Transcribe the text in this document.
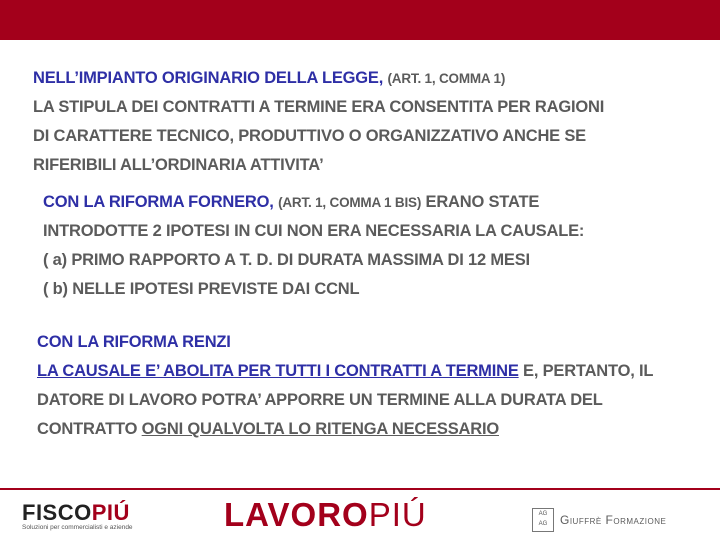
NELL’IMPIANTO ORIGINARIO DELLA LEGGE, (ART. 1, COMMA 1)
LA STIPULA DEI CONTRATTI A TERMINE ERA CONSENTITA PER RAGIONI
DI CARATTERE TECNICO, PRODUTTIVO O ORGANIZZATIVO ANCHE SE
RIFERIBILI ALL’ORDINARIA ATTIVITA’
CON LA RIFORMA FORNERO, (ART. 1, COMMA 1 BIS) ERANO STATE
INTRODOTTE 2 IPOTESI IN CUI NON ERA NECESSARIA LA CAUSALE:
( a) PRIMO RAPPORTO A T. D. DI DURATA MASSIMA DI 12 MESI
( b) NELLE IPOTESI PREVISTE DAI CCNL
CON LA RIFORMA RENZI
LA CAUSALE E’ ABOLITA PER TUTTI I CONTRATTI A TERMINE E, PERTANTO, IL
DATORE DI LAVORO POTRA’ APPORRE UN TERMINE ALLA DURATA DEL
CONTRATTO OGNI QUALVOLTA LO RITENGA NECESSARIO
FISCOPIÚ
Soluzioni per commercialisti e aziende	LAVOROPIÚ	AG
AG	Giuffrè Formazione
